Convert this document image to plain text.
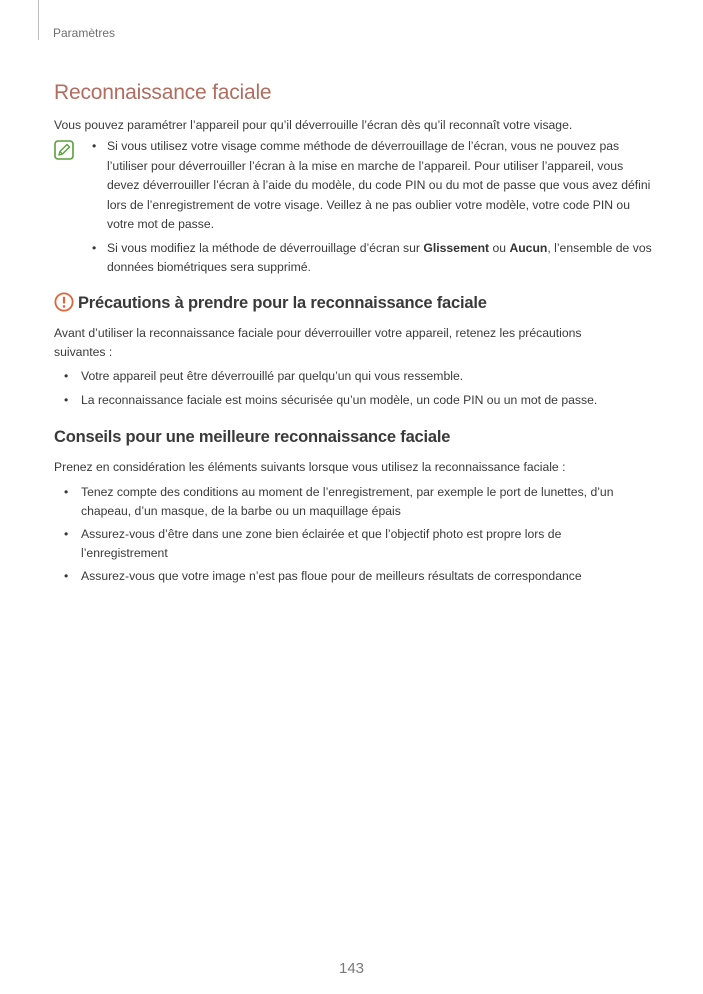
Paramètres
Reconnaissance faciale
Vous pouvez paramétrer l’appareil pour qu’il déverrouille l’écran dès qu’il reconnaît votre visage.
• Si vous utilisez votre visage comme méthode de déverrouillage de l’écran, vous ne pouvez pas l’utiliser pour déverrouiller l’écran à la mise en marche de l’appareil. Pour utiliser l’appareil, vous devez déverrouiller l’écran à l’aide du modèle, du code PIN ou du mot de passe que vous avez défini lors de l’enregistrement de votre visage. Veillez à ne pas oublier votre modèle, votre code PIN ou votre mot de passe.
• Si vous modifiez la méthode de déverrouillage d’écran sur Glissement ou Aucun, l’ensemble de vos données biométriques sera supprimé.
Précautions à prendre pour la reconnaissance faciale
Avant d’utiliser la reconnaissance faciale pour déverrouiller votre appareil, retenez les précautions suivantes :
• Votre appareil peut être déverrouillé par quelqu’un qui vous ressemble.
• La reconnaissance faciale est moins sécurisée qu’un modèle, un code PIN ou un mot de passe.
Conseils pour une meilleure reconnaissance faciale
Prenez en considération les éléments suivants lorsque vous utilisez la reconnaissance faciale :
• Tenez compte des conditions au moment de l’enregistrement, par exemple le port de lunettes, d’un chapeau, d’un masque, de la barbe ou un maquillage épais
• Assurez-vous d’être dans une zone bien éclairée et que l’objectif photo est propre lors de l’enregistrement
• Assurez-vous que votre image n’est pas floue pour de meilleurs résultats de correspondance
143
